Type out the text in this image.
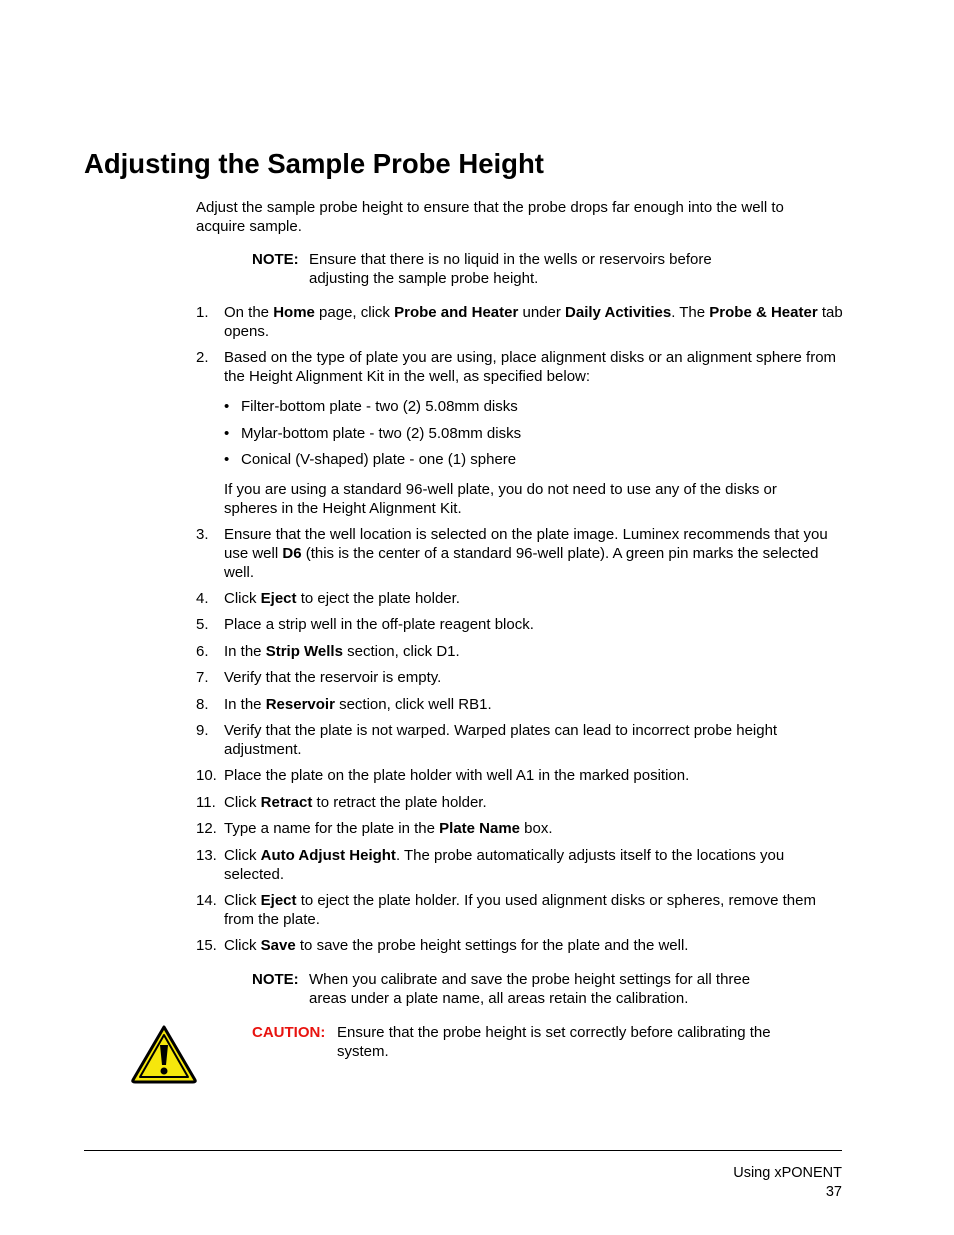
Adjusting the Sample Probe Height

Adjust the sample probe height to ensure that the probe drops far enough into the well to acquire sample.

NOTE: Ensure that there is no liquid in the wells or reservoirs before adjusting the sample probe height.
1. On the Home page, click Probe and Heater under Daily Activities. The Probe & Heater tab opens.
2. Based on the type of plate you are using, place alignment disks or an alignment sphere from the Height Alignment Kit in the well, as specified below:
• Filter-bottom plate - two (2) 5.08mm disks
• Mylar-bottom plate - two (2) 5.08mm disks
• Conical (V-shaped) plate - one (1) sphere
If you are using a standard 96-well plate, you do not need to use any of the disks or spheres in the Height Alignment Kit.
3. Ensure that the well location is selected on the plate image. Luminex recommends that you use well D6 (this is the center of a standard 96-well plate). A green pin marks the selected well.
4. Click Eject to eject the plate holder.
5. Place a strip well in the off-plate reagent block.
6. In the Strip Wells section, click D1.
7. Verify that the reservoir is empty.
8. In the Reservoir section, click well RB1.
9. Verify that the plate is not warped. Warped plates can lead to incorrect probe height adjustment.
10. Place the plate on the plate holder with well A1 in the marked position.
11. Click Retract to retract the plate holder.
12. Type a name for the plate in the Plate Name box.
13. Click Auto Adjust Height. The probe automatically adjusts itself to the locations you selected.
14. Click Eject to eject the plate holder. If you used alignment disks or spheres, remove them from the plate.
15. Click Save to save the probe height settings for the plate and the well.
NOTE: When you calibrate and save the probe height settings for all three areas under a plate name, all areas retain the calibration.
CAUTION: Ensure that the probe height is set correctly before calibrating the system.
Using xPONENT
37
